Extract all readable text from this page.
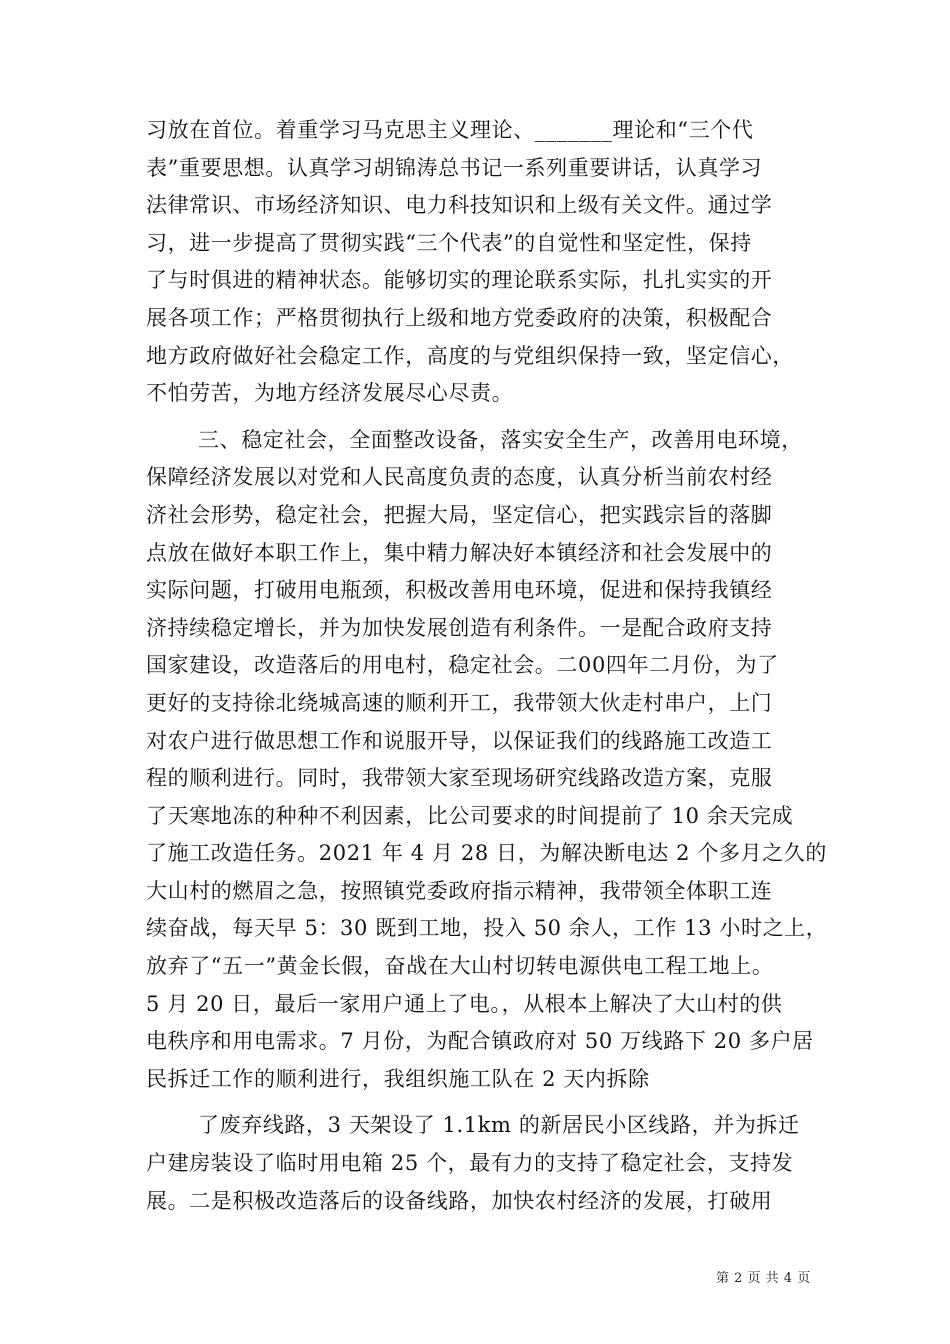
习放在首位。着重学习马克思主义理论、_______理论和“三个代
表”重要思想。认真学习胡锦涛总书记一系列重要讲话，认真学习
法律常识、市场经济知识、电力科技知识和上级有关文件。通过学
习，进一步提高了贯彻实践“三个代表”的自觉性和坚定性，保持
了与时俱进的精神状态。能够切实的理论联系实际，扎扎实实的开
展各项工作；严格贯彻执行上级和地方党委政府的决策，积极配合
地方政府做好社会稳定工作，高度的与党组织保持一致，坚定信心，
不怕劳苦，为地方经济发展尽心尽责。

三、稳定社会，全面整改设备，落实安全生产，改善用电环境，
保障经济发展以对党和人民高度负责的态度，认真分析当前农村经
济社会形势，稳定社会，把握大局，坚定信心，把实践宗旨的落脚
点放在做好本职工作上，集中精力解决好本镇经济和社会发展中的
实际问题，打破用电瓶颈，积极改善用电环境，促进和保持我镇经
济持续稳定增长，并为加快发展创造有利条件。一是配合政府支持
国家建设，改造落后的用电村，稳定社会。二00四年二月份，为了
更好的支持徐北绕城高速的顺利开工，我带领大伙走村串户，上门
对农户进行做思想工作和说服开导，以保证我们的线路施工改造工
程的顺利进行。同时，我带领大家至现场研究线路改造方案，克服
了天寒地冻的种种不利因素，比公司要求的时间提前了 10 余天完成
了施工改造任务。2021 年 4 月 28 日，为解决断电达 2 个多月之久的
大山村的燃眉之急，按照镇党委政府指示精神，我带领全体职工连
续奋战，每天早 5：30 既到工地，投入 50 余人，工作 13 小时之上，
放弃了“五一”黄金长假，奋战在大山村切转电源供电工程工地上。
5 月 20 日，最后一家用户通上了电。，从根本上解决了大山村的供
电秩序和用电需求。7 月份，为配合镇政府对 50 万线路下 20 多户居
民拆迁工作的顺利进行，我组织施工队在 2 天内拆除

了废弃线路，3 天架设了 1.1km 的新居民小区线路，并为拆迁
户建房装设了临时用电箱 25 个，最有力的支持了稳定社会，支持发
展。二是积极改造落后的设备线路，加快农村经济的发展，打破用

第 2 页 共 4 页
